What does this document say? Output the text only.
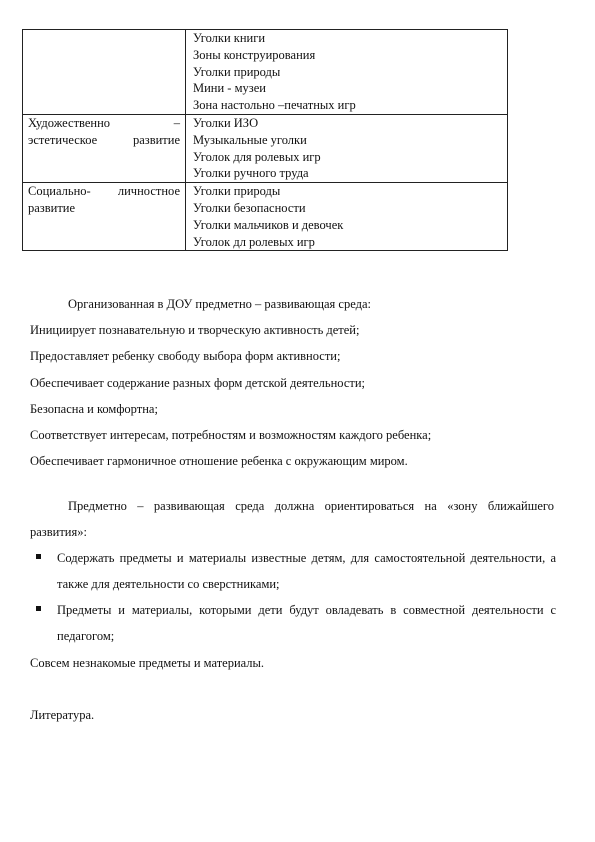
	Уголки книги
Зоны конструирования
Уголки природы
Мини - музеи
Зона настольно –печатных игр

Художественно –
эстетическое развитие	Уголки ИЗО
Музыкальные уголки
Уголок для ролевых игр
Уголки ручного труда

Социально- личностное
развитие	Уголки природы
Уголки безопасности
Уголки мальчиков и девочек
Уголок дл ролевых игр
Организованная в ДОУ предметно – развивающая среда:
Инициирует познавательную и творческую активность детей;
Предоставляет ребенку свободу выбора форм активности;
Обеспечивает содержание разных форм детской деятельности;
Безопасна и комфортна;
Соответствует интересам, потребностям и возможностям каждого ребенка;
Обеспечивает гармоничное отношение ребенка с окружающим миром.
Предметно – развивающая среда должна ориентироваться на «зону ближайшего развития»:
Содержать предметы и материалы известные детям, для самостоятельной деятельности, а также для деятельности со сверстниками;
Предметы и материалы, которыми дети будут овладевать в совместной деятельности с педагогом;
Совсем незнакомые предметы и материалы.
Литература.
